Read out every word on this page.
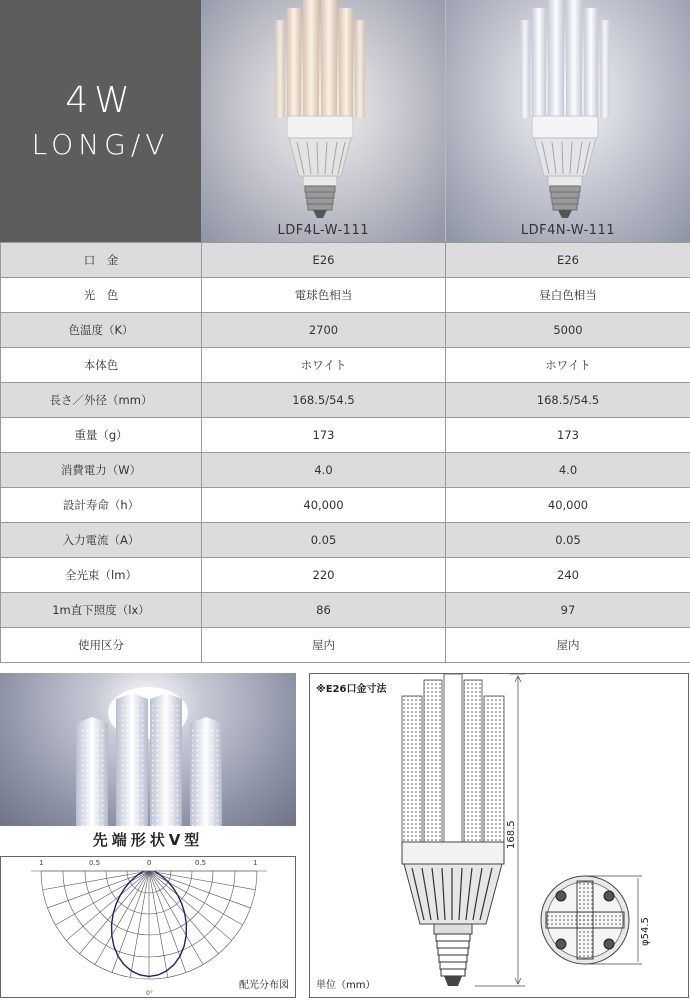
4W
LONG/V
LDF4L-W-111	LDF4N-W-111
口　金	E26	E26
光　色	電球色相当	昼白色相当
色温度（K）	2700	5000
本体色	ホワイト	ホワイト
長さ／外径（mm）	168.5/54.5	168.5/54.5
重量（g）	173	173
消費電力（W）	4.0	4.0
設計寿命（h）	40,000	40,000
入力電流（A）	0.05	0.05
全光束（lm）	220	240
1m直下照度（lx）	86	97
使用区分	屋内	屋内
先端形状V型
1	0.5	0	0.5	1
0°
配光分布図
168.5
φ54.5
※E26口金寸法
単位（mm）
